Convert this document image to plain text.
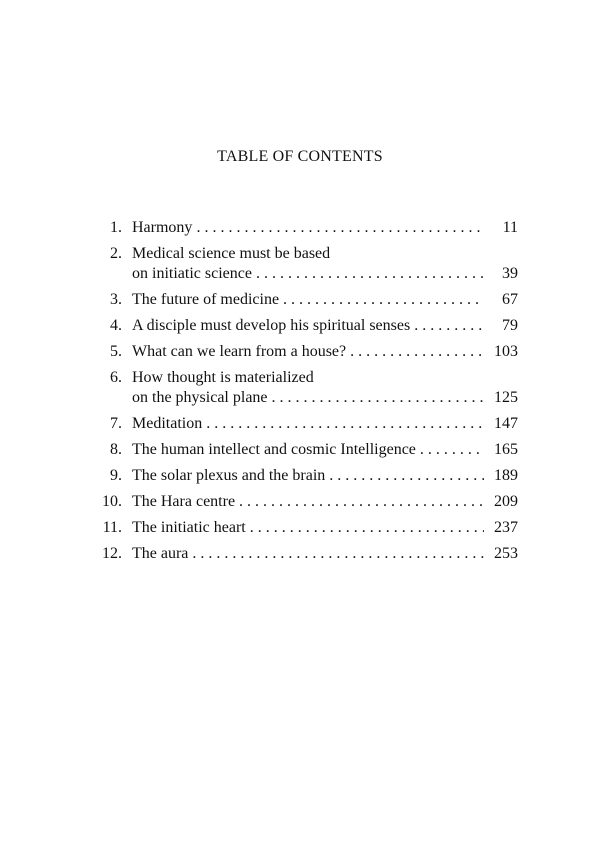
TABLE OF CONTENTS
1. Harmony . . .	11
2. Medical science must be based
on initiatic science . . .	39
3. The future of medicine . . .	67
4. A disciple must develop his spiritual senses . . .	79
5. What can we learn from a house? . . .	103
6. How thought is materialized
on the physical plane . . .	125
7. Meditation . . .	147
8. The human intellect and cosmic Intelligence . . .	165
9. The solar plexus and the brain . . .	189
10. The Hara centre . . .	209
11. The initiatic heart . . .	237
12. The aura . . .	253
